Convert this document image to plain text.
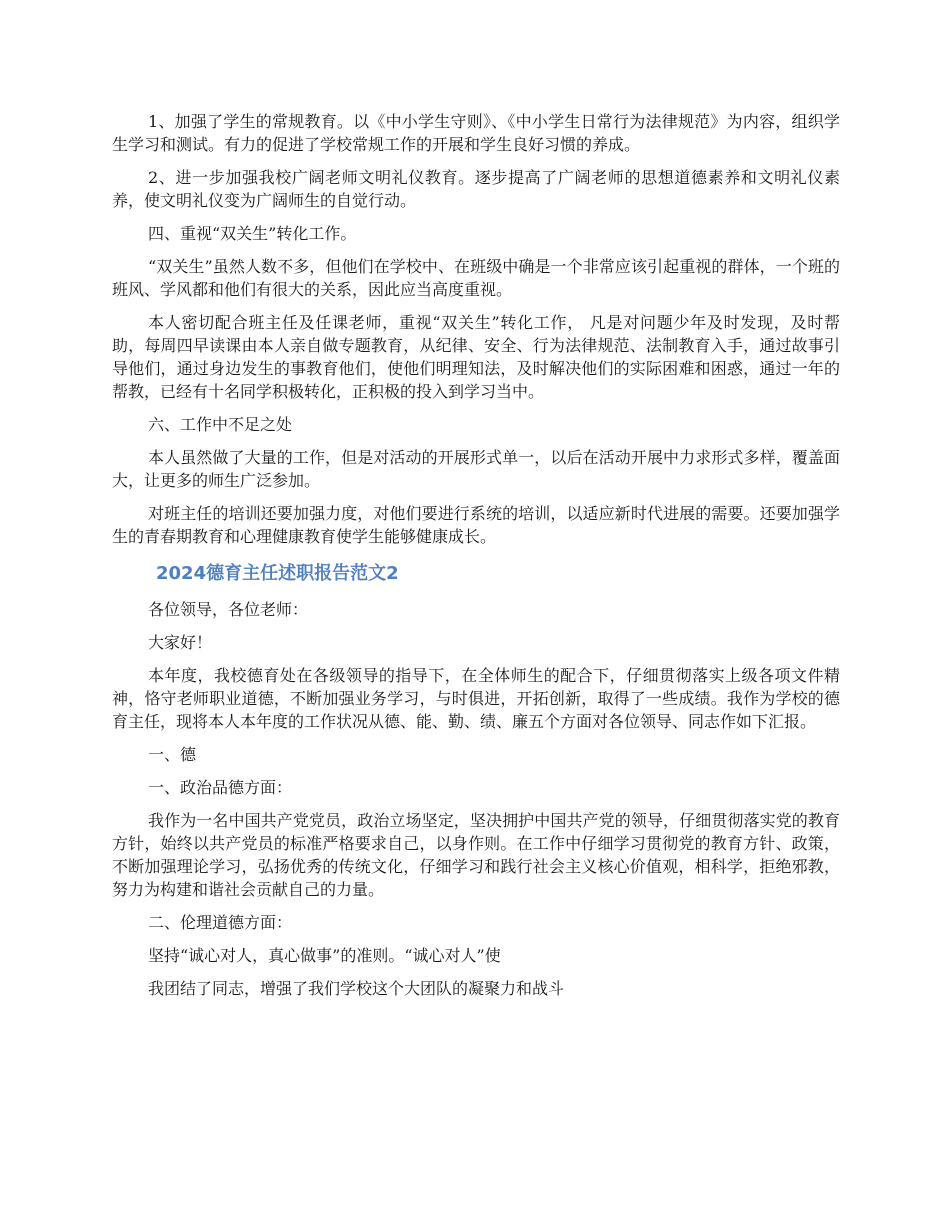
1、加强了学生的常规教育。以《中小学生守则》、《中小学生日常行为法律规范》为内容，组织学生学习和测试。有力的促进了学校常规工作的开展和学生良好习惯的养成。

2、进一步加强我校广阔老师文明礼仪教育。逐步提高了广阔老师的思想道德素养和文明礼仪素养，使文明礼仪变为广阔师生的自觉行动。

四、重视“双关生”转化工作。

“双关生”虽然人数不多，但他们在学校中、在班级中确是一个非常应该引起重视的群体，一个班的班风、学风都和他们有很大的关系，因此应当高度重视。

本人密切配合班主任及任课老师，重视“双关生”转化工作， 凡是对问题少年及时发现，及时帮助，每周四早读课由本人亲自做专题教育，从纪律、安全、行为法律规范、法制教育入手，通过故事引导他们，通过身边发生的事教育他们，使他们明理知法，及时解决他们的实际困难和困惑，通过一年的帮教，已经有十名同学积极转化，正积极的投入到学习当中。

六、工作中不足之处

本人虽然做了大量的工作，但是对活动的开展形式单一，以后在活动开展中力求形式多样，覆盖面大，让更多的师生广泛参加。

对班主任的培训还要加强力度，对他们要进行系统的培训，以适应新时代进展的需要。还要加强学生的青春期教育和心理健康教育使学生能够健康成长。

2024德育主任述职报告范文2

各位领导，各位老师：

大家好！

本年度，我校德育处在各级领导的指导下，在全体师生的配合下，仔细贯彻落实上级各项文件精神，恪守老师职业道德，不断加强业务学习，与时俱进，开拓创新，取得了一些成绩。我作为学校的德育主任，现将本人本年度的工作状况从德、能、勤、绩、廉五个方面对各位领导、同志作如下汇报。

一、德

一、政治品德方面：

我作为一名中国共产党党员，政治立场坚定，坚决拥护中国共产党的领导，仔细贯彻落实党的教育方针，始终以共产党员的标准严格要求自己，以身作则。在工作中仔细学习贯彻党的教育方针、政策，不断加强理论学习，弘扬优秀的传统文化，仔细学习和践行社会主义核心价值观，相科学，拒绝邪教，努力为构建和谐社会贡献自己的力量。

二、伦理道德方面：

坚持“诚心对人，真心做事”的准则。“诚心对人”使

我团结了同志，增强了我们学校这个大团队的凝聚力和战斗
